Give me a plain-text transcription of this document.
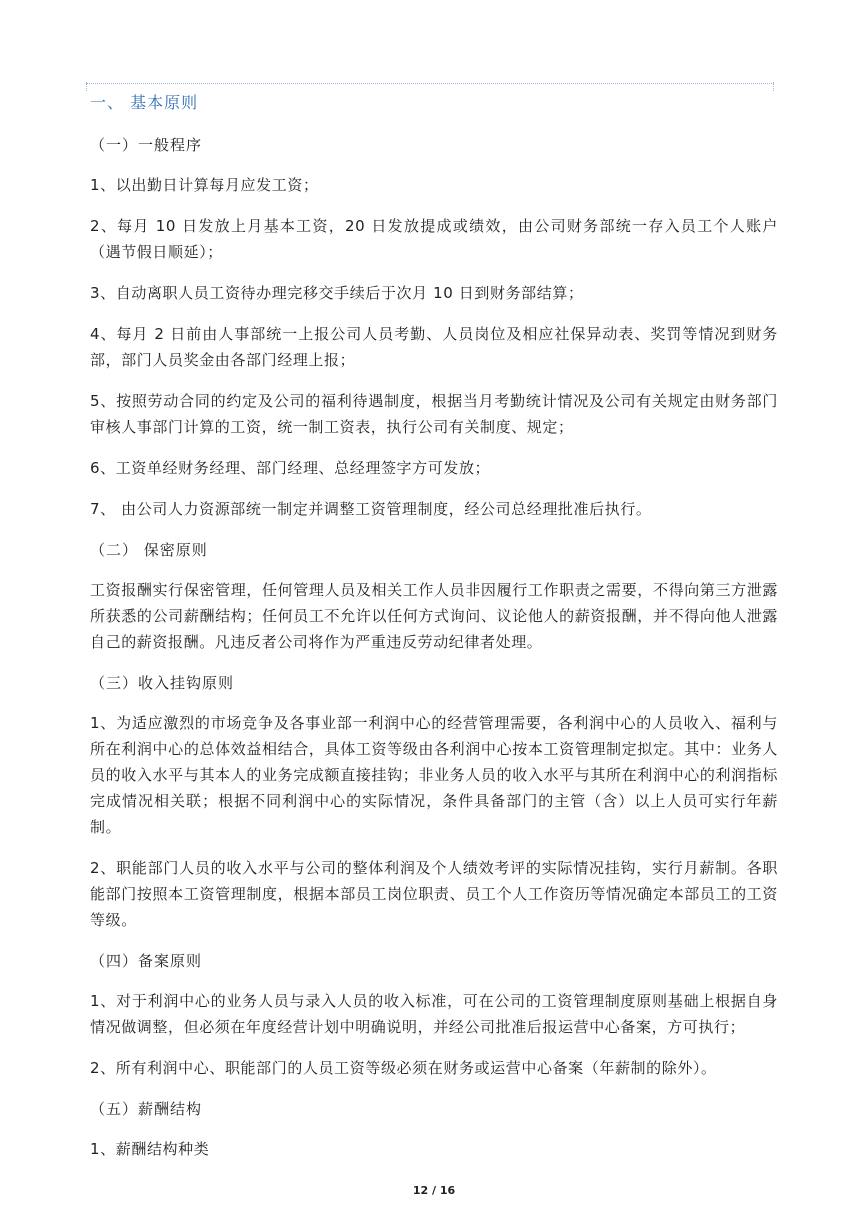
一、 基本原则
（一）一般程序
1、以出勤日计算每月应发工资；
2、每月 10 日发放上月基本工资，20 日发放提成或绩效，由公司财务部统一存入员工个人账户（遇节假日顺延）；
3、自动离职人员工资待办理完移交手续后于次月 10 日到财务部结算；
4、每月 2 日前由人事部统一上报公司人员考勤、人员岗位及相应社保异动表、奖罚等情况到财务部，部门人员奖金由各部门经理上报；
5、按照劳动合同的约定及公司的福利待遇制度，根据当月考勤统计情况及公司有关规定由财务部门审核人事部门计算的工资，统一制工资表，执行公司有关制度、规定；
6、工资单经财务经理、部门经理、总经理签字方可发放；
7、 由公司人力资源部统一制定并调整工资管理制度，经公司总经理批准后执行。
（二） 保密原则
工资报酬实行保密管理，任何管理人员及相关工作人员非因履行工作职责之需要，不得向第三方泄露所获悉的公司薪酬结构；任何员工不允许以任何方式询问、议论他人的薪资报酬，并不得向他人泄露自己的薪资报酬。凡违反者公司将作为严重违反劳动纪律者处理。
（三）收入挂钩原则
1、为适应激烈的市场竞争及各事业部一利润中心的经营管理需要，各利润中心的人员收入、福利与所在利润中心的总体效益相结合，具体工资等级由各利润中心按本工资管理制定拟定。其中：业务人员的收入水平与其本人的业务完成额直接挂钩；非业务人员的收入水平与其所在利润中心的利润指标完成情况相关联；根据不同利润中心的实际情况，条件具备部门的主管（含）以上人员可实行年薪制。
2、职能部门人员的收入水平与公司的整体利润及个人绩效考评的实际情况挂钩，实行月薪制。各职能部门按照本工资管理制度，根据本部员工岗位职责、员工个人工作资历等情况确定本部员工的工资等级。
（四）备案原则
1、对于利润中心的业务人员与录入人员的收入标准，可在公司的工资管理制度原则基础上根据自身情况做调整，但必须在年度经营计划中明确说明，并经公司批准后报运营中心备案，方可执行；
2、所有利润中心、职能部门的人员工资等级必须在财务或运营中心备案（年薪制的除外）。
（五）薪酬结构
1、薪酬结构种类
12 / 16
